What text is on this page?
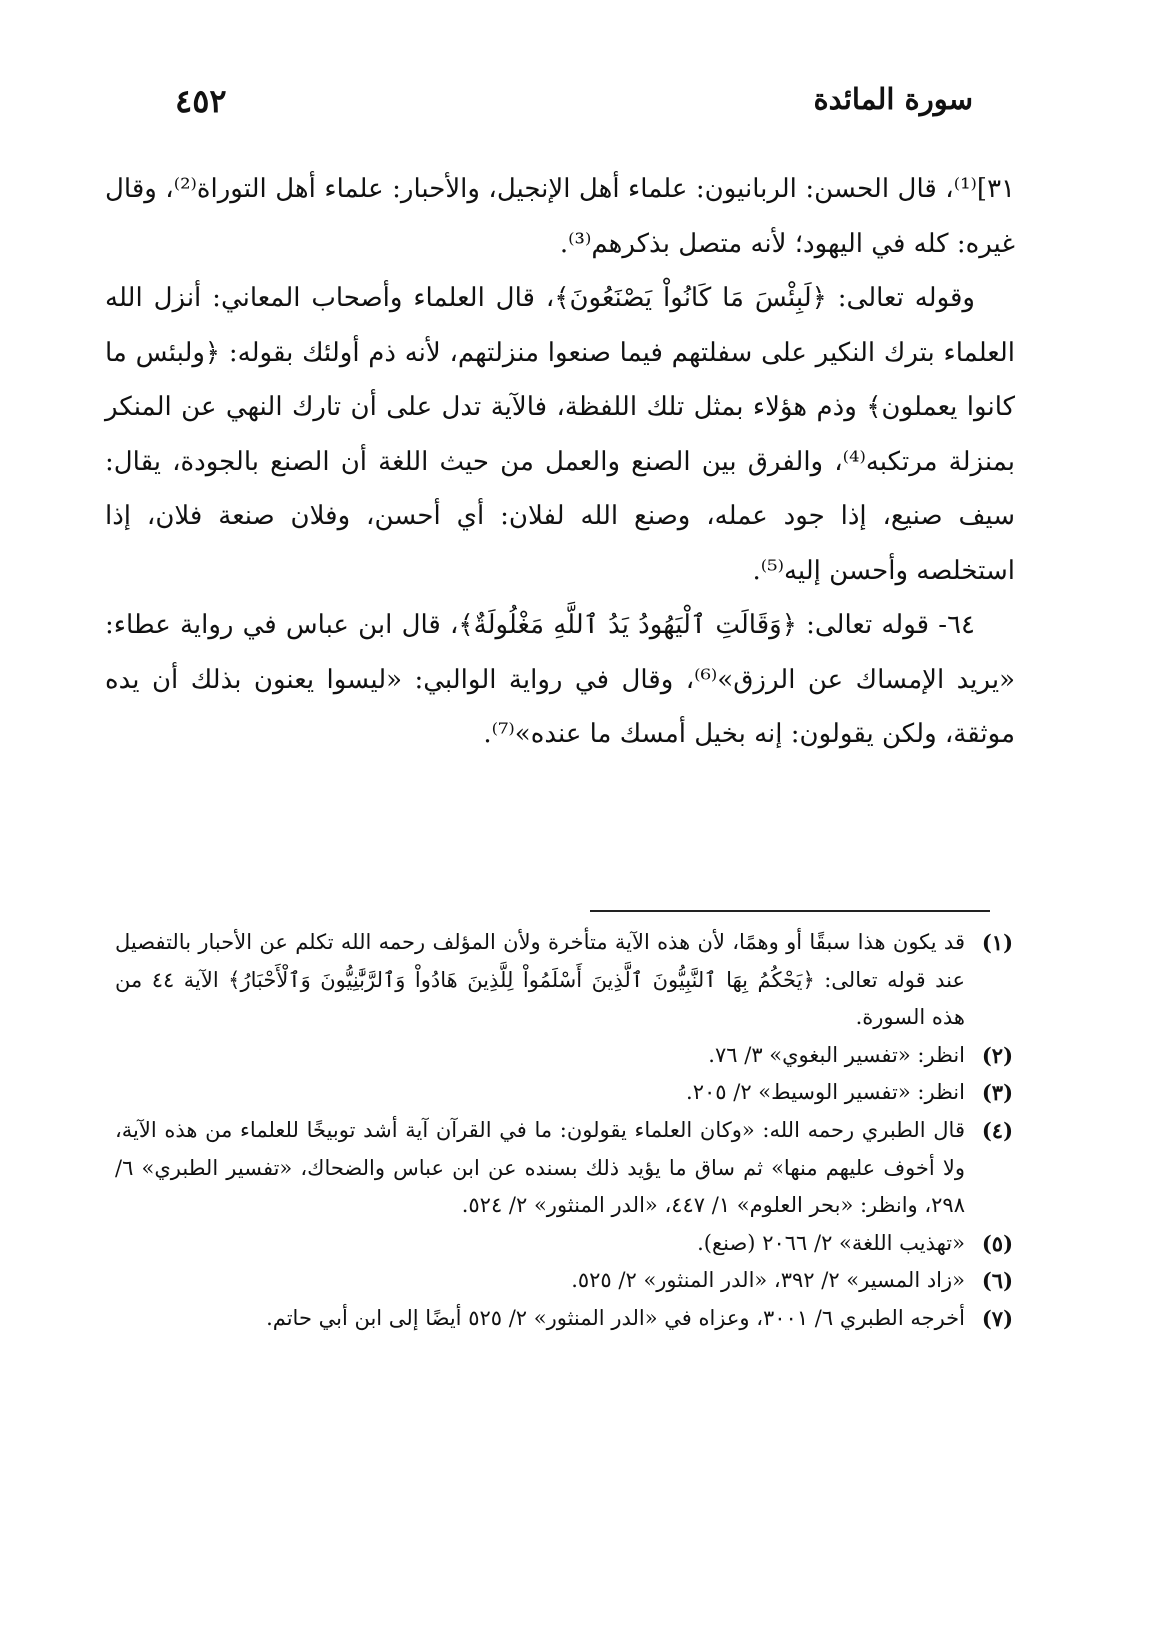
٤٥٢	سورة المائدة

٣١]⁽¹⁾، قال الحسن: الربانيون: علماء أهل الإنجيل، والأحبار: علماء أهل التوراة⁽²⁾، وقال غيره: كله في اليهود؛ لأنه متصل بذكرهم⁽³⁾.

وقوله تعالى: ﴿لَبِئْسَ مَا كَانُواْ يَصْنَعُونَ﴾، قال العلماء وأصحاب المعاني: أنزل الله العلماء بترك النكير على سفلتهم فيما صنعوا منزلتهم، لأنه ذم أولئك بقوله: ﴿ولبئس ما كانوا يعملون﴾ وذم هؤلاء بمثل تلك اللفظة، فالآية تدل على أن تارك النهي عن المنكر بمنزلة مرتكبه⁽⁴⁾، والفرق بين الصنع والعمل من حيث اللغة أن الصنع بالجودة، يقال: سيف صنيع، إذا جود عمله، وصنع الله لفلان: أي أحسن، وفلان صنعة فلان، إذا استخلصه وأحسن إليه⁽⁵⁾.

٦٤- قوله تعالى: ﴿وَقَالَتِ ٱلْيَهُودُ يَدُ ٱللَّهِ مَغْلُولَةٌ﴾، قال ابن عباس في رواية عطاء: «يريد الإمساك عن الرزق»⁽⁶⁾، وقال في رواية الوالبي: «ليسوا يعنون بذلك أن يده موثقة، ولكن يقولون: إنه بخيل أمسك ما عنده»⁽⁷⁾.

(١)
قد يكون هذا سبقًا أو وهمًا، لأن هذه الآية متأخرة ولأن المؤلف رحمه الله تكلم عن الأحبار بالتفصيل عند قوله تعالى: ﴿يَحْكُمُ بِهَا ٱلنَّبِيُّونَ ٱلَّذِينَ أَسْلَمُواْ لِلَّذِينَ هَادُواْ وَٱلرَّبَّٰنِيُّونَ وَٱلْأَحْبَارُ﴾ الآية ٤٤ من هذه السورة.
(٢)
انظر: «تفسير البغوي» ٣/ ٧٦.
(٣)
انظر: «تفسير الوسيط» ٢/ ٢٠٥.
(٤)
قال الطبري رحمه الله: «وكان العلماء يقولون: ما في القرآن آية أشد توبيخًا للعلماء من هذه الآية، ولا أخوف عليهم منها» ثم ساق ما يؤيد ذلك بسنده عن ابن عباس والضحاك، «تفسير الطبري» ٦/ ٢٩٨، وانظر: «بحر العلوم» ١/ ٤٤٧، «الدر المنثور» ٢/ ٥٢٤.
(٥)
«تهذيب اللغة» ٢/ ٢٠٦٦ (صنع).
(٦)
«زاد المسير» ٢/ ٣٩٢، «الدر المنثور» ٢/ ٥٢٥.
(٧)
أخرجه الطبري ٦/ ٣٠٠١، وعزاه في «الدر المنثور» ٢/ ٥٢٥ أيضًا إلى ابن أبي حاتم.
